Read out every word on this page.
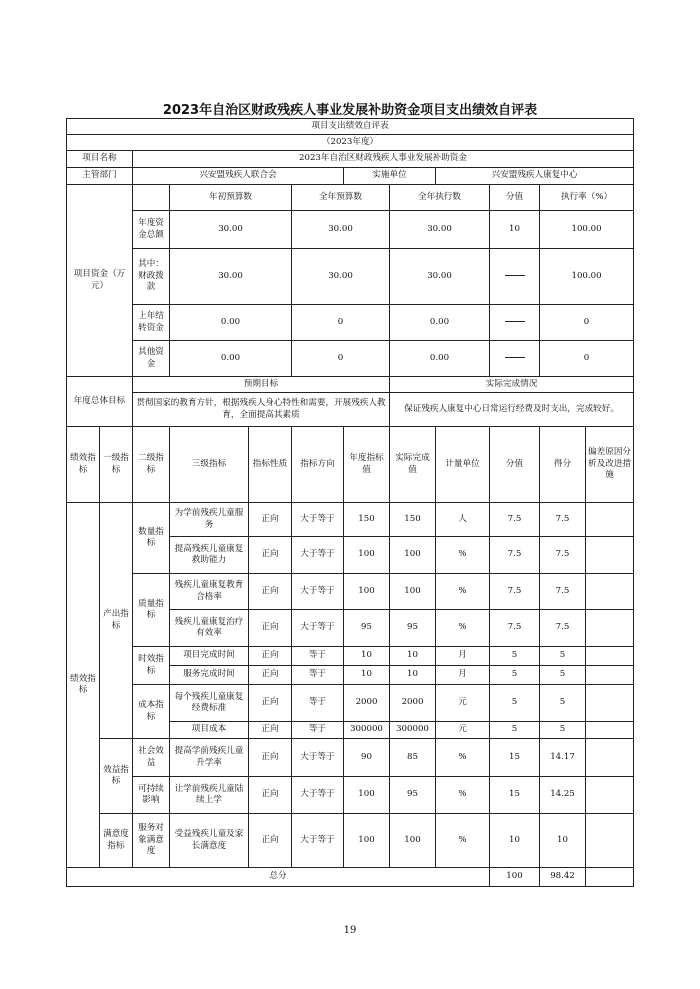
2023年自治区财政残疾人事业发展补助资金项目支出绩效自评表
项目支出绩效自评表												
（2023年度）												
项目名称		2023年自治区财政残疾人事业发展补助资金										
主管部门		兴安盟残疾人联合会				实施单位		兴安盟残疾人康复中心				
项目资金（万元）			年初预算数		全年预算数		全年执行数		分值	执行率（%）	
		年度资金总额	30.00		30.00		30.00		10	100.00	
		其中：财政拨款	30.00		30.00		30.00			100.00		
		上年结转资金	0.00		0		0.00			0		
		其他资金	0.00		0		0.00			0		
年度总体目标		预期目标					实际完成情况					
		贯彻国家的教育方针，根据残疾人身心特性和需要，开展残疾人教育，全面提高其素质					保证残疾人康复中心日常运行经费及时支出，完成较好。					
绩效指标	一级指标	二级指标	三级指标	指标性质	指标方向	年度指标值	实际完成值	计量单位	分值	得分	偏差原因分析及改进措施	
绩效指标	产出指标	数量指标	为学前残疾儿童服务	正向	大于等于	150	150	人	7.5	7.5		
			提高残疾儿童康复救助能力	正向	大于等于	100	100	%	7.5	7.5		
		质量指标	残疾儿童康复教育合格率	正向	大于等于	100	100	%	7.5	7.5		
			残疾儿童康复治疗有效率	正向	大于等于	95	95	%	7.5	7.5		
		时效指标	项目完成时间	正向	等于	10	10	月	5	5		
			服务完成时间	正向	等于	10	10	月	5	5		
		成本指标	每个残疾儿童康复经费标准	正向	等于	2000	2000	元	5	5		
			项目成本	正向	等于	300000	300000	元	5	5		
	效益指标	社会效益	提高学前残疾儿童升学率	正向	大于等于	90	85	%	15	14.17		
		可持续影响	让学前残疾儿童陆续上学	正向	大于等于	100	95	%	15	14.25		
	满意度指标	服务对象满意度	受益残疾儿童及家长满意度	正向	大于等于	100	100	%	10	10		
总分									100	98.42		
19
